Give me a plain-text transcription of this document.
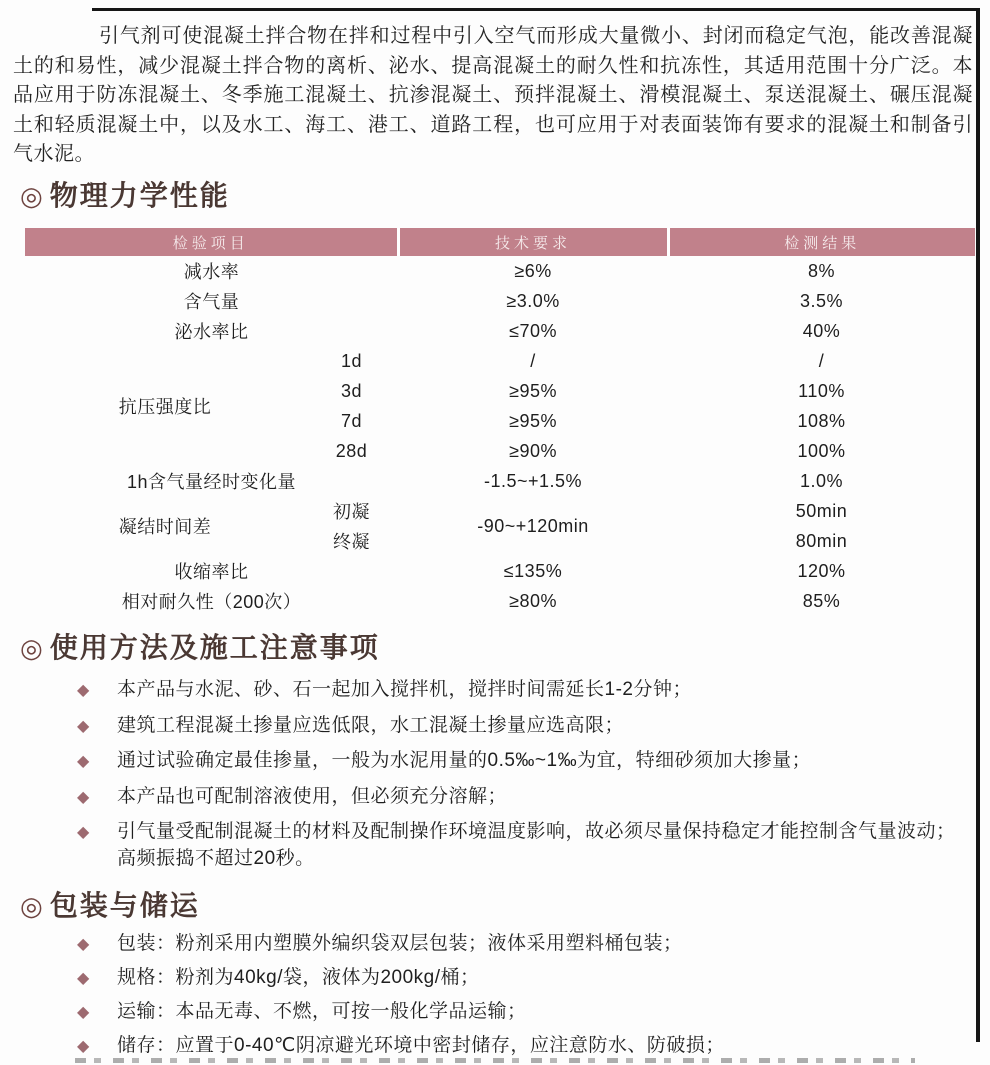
引气剂可使混凝土拌合物在拌和过程中引入空气而形成大量微小、封闭而稳定气泡，能改善混凝土的和易性，减少混凝土拌合物的离析、泌水、提高混凝土的耐久性和抗冻性，其适用范围十分广泛。本品应用于防冻混凝土、冬季施工混凝土、抗渗混凝土、预拌混凝土、滑模混凝土、泵送混凝土、碾压混凝土和轻质混凝土中，以及水工、海工、港工、道路工程，也可应用于对表面装饰有要求的混凝土和制备引气水泥。

◎ 物理力学性能
检验项目		技术要求	检测结果
减水率		≥6%	8%
含气量		≥3.0%	3.5%
泌水率比		≤70%	40%
抗压强度比	1d	/	/
	3d	≥95%	110%
	7d	≥95%	108%
	28d	≥90%	100%
1h含气量经时变化量		-1.5~+1.5%	1.0%
凝结时间差	初凝	-90~+120min	50min
	终凝		80min
收缩率比		≤135%	120%
相对耐久性（200次）		≥80%	85%
◎ 使用方法及施工注意事项
◆ 本产品与水泥、砂、石一起加入搅拌机，搅拌时间需延长1-2分钟；
◆ 建筑工程混凝土掺量应选低限，水工混凝土掺量应选高限；
◆ 通过试验确定最佳掺量，一般为水泥用量的0.5‰~1‰为宜，特细砂须加大掺量；
◆ 本产品也可配制溶液使用，但必须充分溶解；
◆ 引气量受配制混凝土的材料及配制操作环境温度影响，故必须尽量保持稳定才能控制含气量波动；高频振捣不超过20秒。
◎ 包装与储运
◆ 包装：粉剂采用内塑膜外编织袋双层包装；液体采用塑料桶包装；
◆ 规格：粉剂为40kg/袋，液体为200kg/桶；
◆ 运输：本品无毒、不燃，可按一般化学品运输；
◆ 储存：应置于0-40℃阴凉避光环境中密封储存，应注意防水、防破损；
